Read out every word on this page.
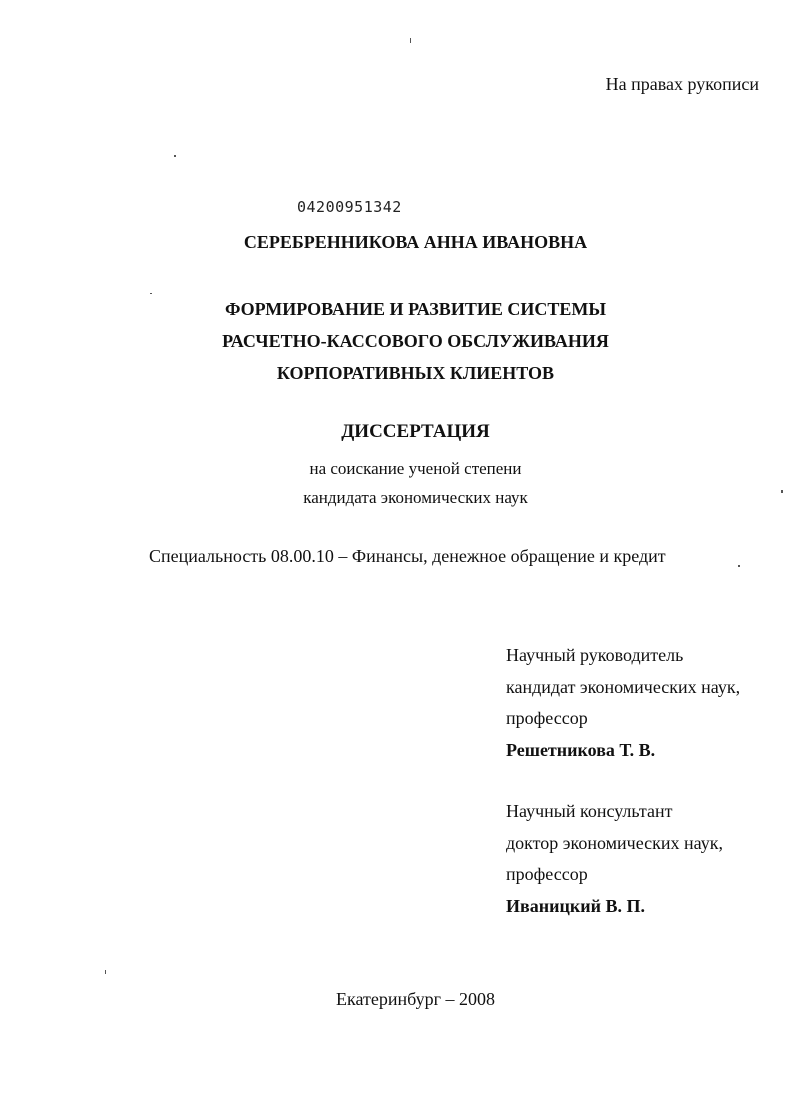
На правах рукописи
04200951342
СЕРЕБРЕННИКОВА АННА ИВАНОВНА
ФОРМИРОВАНИЕ И РАЗВИТИЕ СИСТЕМЫ
РАСЧЕТНО-КАССОВОГО ОБСЛУЖИВАНИЯ
КОРПОРАТИВНЫХ КЛИЕНТОВ
ДИССЕРТАЦИЯ
на соискание ученой степени
кандидата экономических наук
Специальность 08.00.10 – Финансы, денежное обращение и кредит
Научный руководитель
кандидат экономических наук,
профессор
Решетникова Т. В.
Научный консультант
доктор экономических наук,
профессор
Иваницкий В. П.
Екатеринбург – 2008
